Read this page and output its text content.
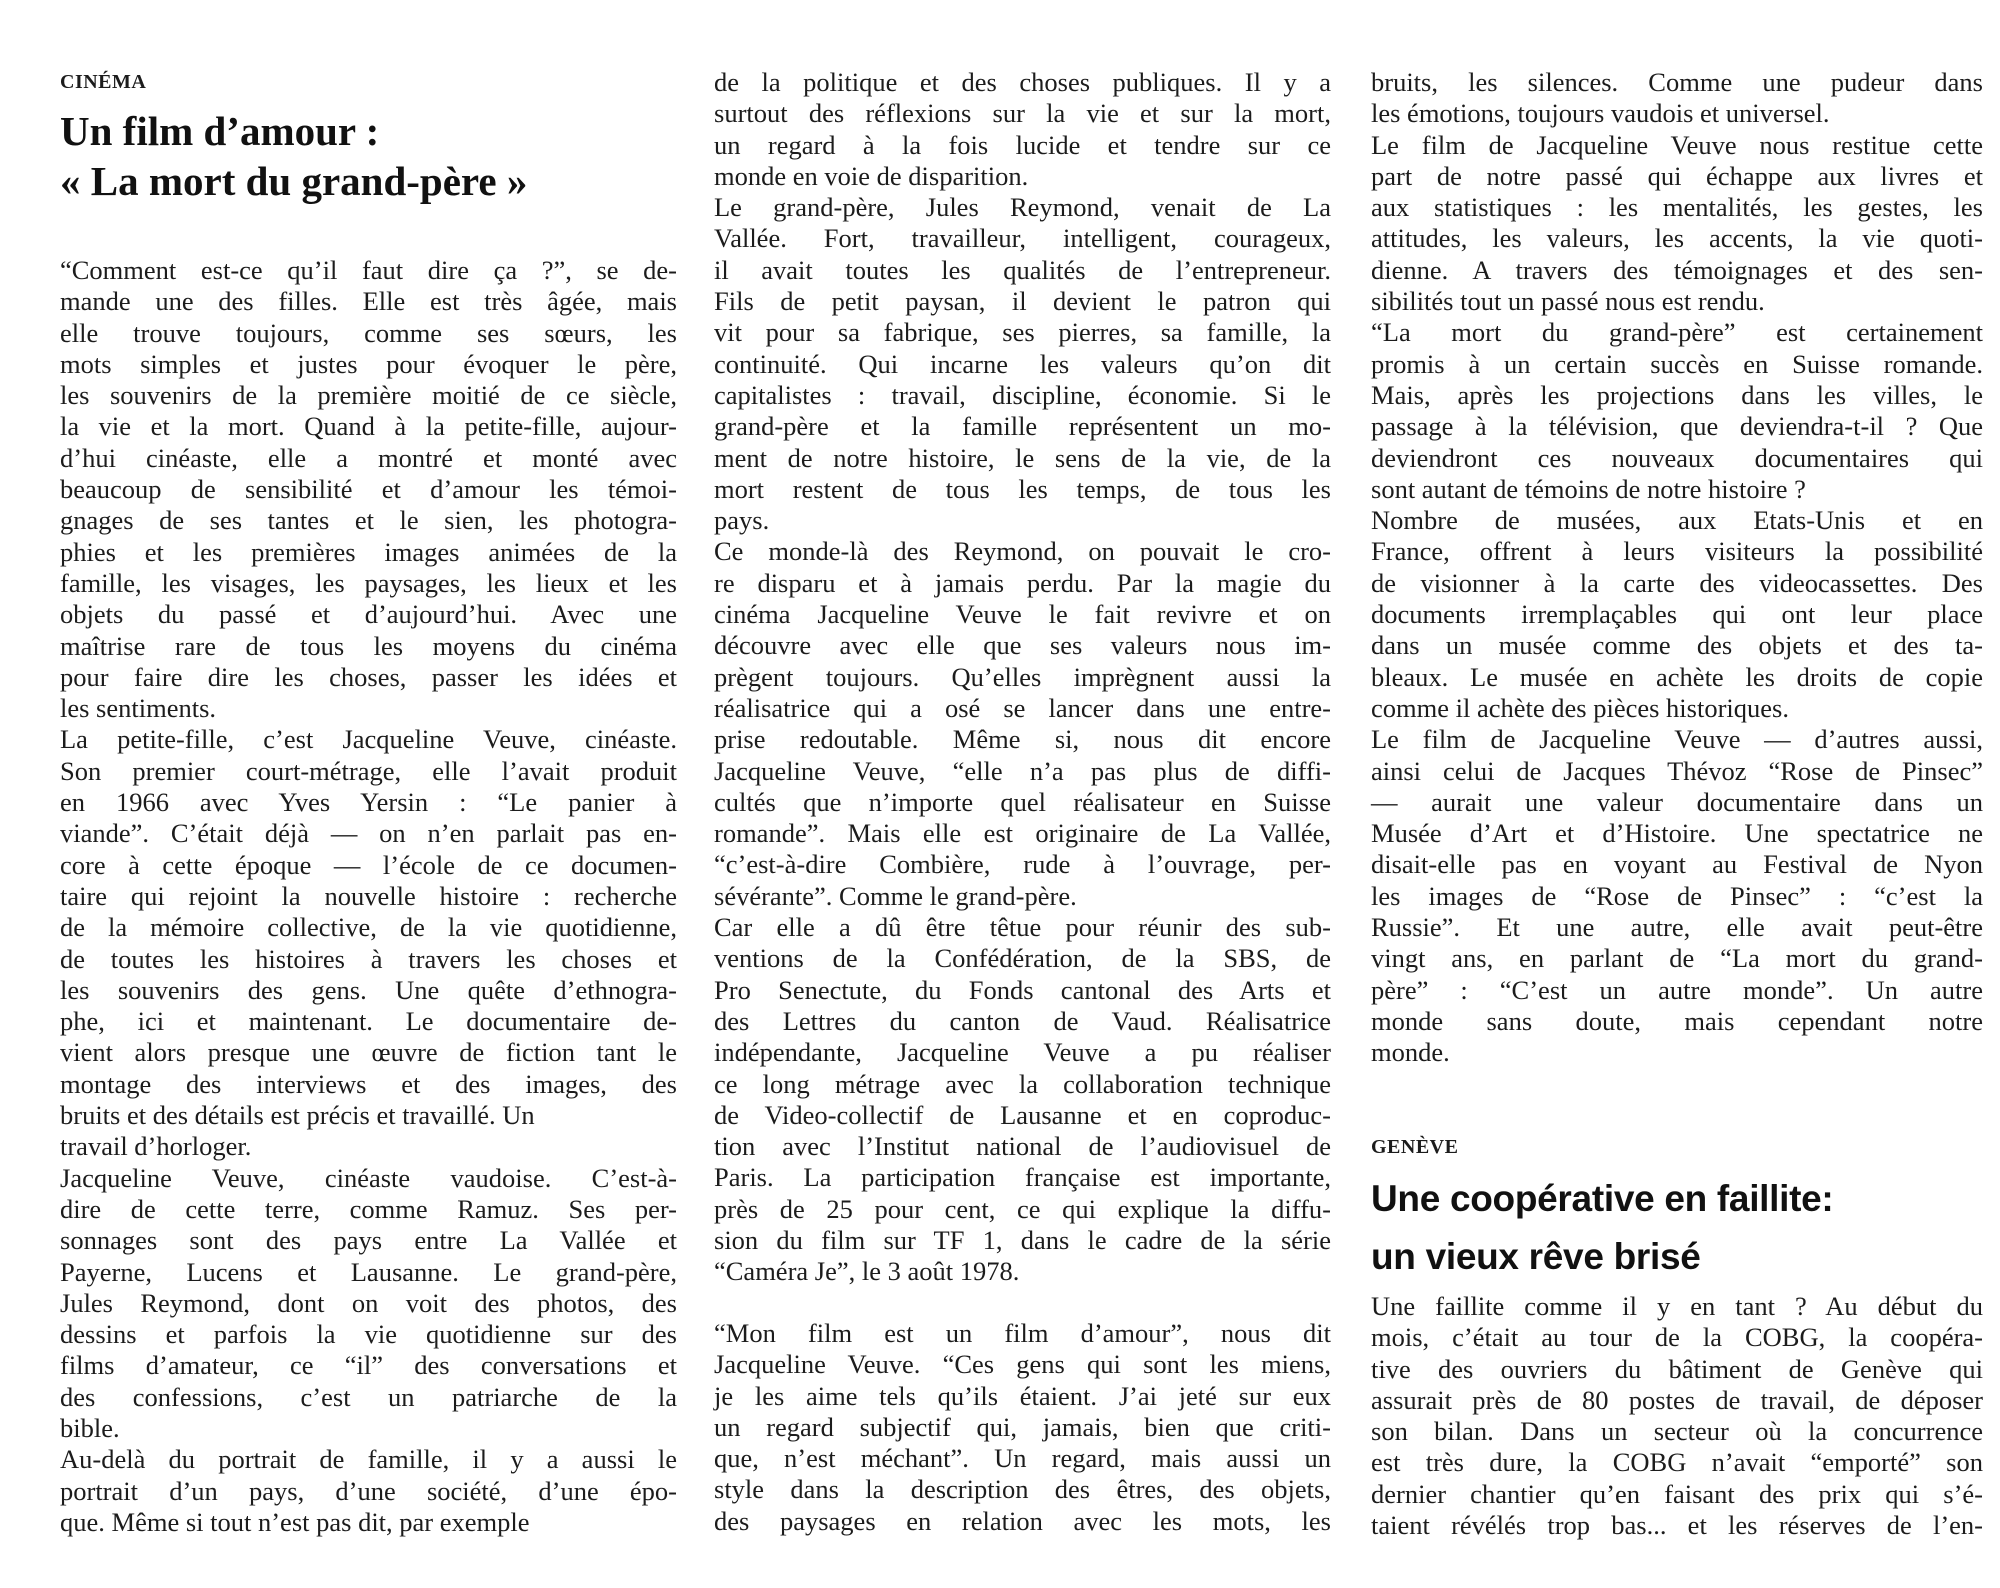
CINÉMA
Un film d’amour :
« La mort du grand-père »
“Comment est-ce qu’il faut dire ça ?”, se de-
mande une des filles. Elle est très âgée, mais
elle trouve toujours, comme ses sœurs, les
mots simples et justes pour évoquer le père,
les souvenirs de la première moitié de ce siècle,
la vie et la mort. Quand à la petite-fille, aujour-
d’hui cinéaste, elle a montré et monté avec
beaucoup de sensibilité et d’amour les témoi-
gnages de ses tantes et le sien, les photogra-
phies et les premières images animées de la
famille, les visages, les paysages, les lieux et les
objets du passé et d’aujourd’hui. Avec une
maîtrise rare de tous les moyens du cinéma
pour faire dire les choses, passer les idées et
les sentiments.
La petite-fille, c’est Jacqueline Veuve, cinéaste.
Son premier court-métrage, elle l’avait produit
en 1966 avec Yves Yersin : “Le panier à
viande”. C’était déjà — on n’en parlait pas en-
core à cette époque — l’école de ce documen-
taire qui rejoint la nouvelle histoire : recherche
de la mémoire collective, de la vie quotidienne,
de toutes les histoires à travers les choses et
les souvenirs des gens. Une quête d’ethnogra-
phe, ici et maintenant. Le documentaire de-
vient alors presque une œuvre de fiction tant le
montage des interviews et des images, des
bruits et des détails est précis et travaillé. Un
travail d’horloger.
Jacqueline Veuve, cinéaste vaudoise. C’est-à-
dire de cette terre, comme Ramuz. Ses per-
sonnages sont des pays entre La Vallée et
Payerne, Lucens et Lausanne. Le grand-père,
Jules Reymond, dont on voit des photos, des
dessins et parfois la vie quotidienne sur des
films d’amateur, ce “il” des conversations et
des confessions, c’est un patriarche de la
bible.
Au-delà du portrait de famille, il y a aussi le
portrait d’un pays, d’une société, d’une épo-
que. Même si tout n’est pas dit, par exemple
de la politique et des choses publiques. Il y a
surtout des réflexions sur la vie et sur la mort,
un regard à la fois lucide et tendre sur ce
monde en voie de disparition.
Le grand-père, Jules Reymond, venait de La
Vallée. Fort, travailleur, intelligent, courageux,
il avait toutes les qualités de l’entrepreneur.
Fils de petit paysan, il devient le patron qui
vit pour sa fabrique, ses pierres, sa famille, la
continuité. Qui incarne les valeurs qu’on dit
capitalistes : travail, discipline, économie. Si le
grand-père et la famille représentent un mo-
ment de notre histoire, le sens de la vie, de la
mort restent de tous les temps, de tous les
pays.
Ce monde-là des Reymond, on pouvait le cro-
re disparu et à jamais perdu. Par la magie du
cinéma Jacqueline Veuve le fait revivre et on
découvre avec elle que ses valeurs nous im-
prègent toujours. Qu’elles imprègnent aussi la
réalisatrice qui a osé se lancer dans une entre-
prise redoutable. Même si, nous dit encore
Jacqueline Veuve, “elle n’a pas plus de diffi-
cultés que n’importe quel réalisateur en Suisse
romande”. Mais elle est originaire de La Vallée,
“c’est-à-dire Combière, rude à l’ouvrage, per-
sévérante”. Comme le grand-père.
Car elle a dû être têtue pour réunir des sub-
ventions de la Confédération, de la SBS, de
Pro Senectute, du Fonds cantonal des Arts et
des Lettres du canton de Vaud. Réalisatrice
indépendante, Jacqueline Veuve a pu réaliser
ce long métrage avec la collaboration technique
de Video-collectif de Lausanne et en coproduc-
tion avec l’Institut national de l’audiovisuel de
Paris. La participation française est importante,
près de 25 pour cent, ce qui explique la diffu-
sion du film sur TF 1, dans le cadre de la série
“Caméra Je”, le 3 août 1978.
“Mon film est un film d’amour”, nous dit
Jacqueline Veuve. “Ces gens qui sont les miens,
je les aime tels qu’ils étaient. J’ai jeté sur eux
un regard subjectif qui, jamais, bien que criti-
que, n’est méchant”. Un regard, mais aussi un
style dans la description des êtres, des objets,
des paysages en relation avec les mots, les
bruits, les silences. Comme une pudeur dans
les émotions, toujours vaudois et universel.
Le film de Jacqueline Veuve nous restitue cette
part de notre passé qui échappe aux livres et
aux statistiques : les mentalités, les gestes, les
attitudes, les valeurs, les accents, la vie quoti-
dienne. A travers des témoignages et des sen-
sibilités tout un passé nous est rendu.
“La mort du grand-père” est certainement
promis à un certain succès en Suisse romande.
Mais, après les projections dans les villes, le
passage à la télévision, que deviendra-t-il ? Que
deviendront ces nouveaux documentaires qui
sont autant de témoins de notre histoire ?
Nombre de musées, aux Etats-Unis et en
France, offrent à leurs visiteurs la possibilité
de visionner à la carte des videocassettes. Des
documents irremplaçables qui ont leur place
dans un musée comme des objets et des ta-
bleaux. Le musée en achète les droits de copie
comme il achète des pièces historiques.
Le film de Jacqueline Veuve — d’autres aussi,
ainsi celui de Jacques Thévoz “Rose de Pinsec”
— aurait une valeur documentaire dans un
Musée d’Art et d’Histoire. Une spectatrice ne
disait-elle pas en voyant au Festival de Nyon
les images de “Rose de Pinsec” : “c’est la
Russie”. Et une autre, elle avait peut-être
vingt ans, en parlant de “La mort du grand-
père” : “C’est un autre monde”. Un autre
monde sans doute, mais cependant notre
monde.
GENÈVE
Une coopérative en faillite:
un vieux rêve brisé
Une faillite comme il y en tant ? Au début du
mois, c’était au tour de la COBG, la coopéra-
tive des ouvriers du bâtiment de Genève qui
assurait près de 80 postes de travail, de déposer
son bilan. Dans un secteur où la concurrence
est très dure, la COBG n’avait “emporté” son
dernier chantier qu’en faisant des prix qui s’é-
taient révélés trop bas... et les réserves de l’en-
